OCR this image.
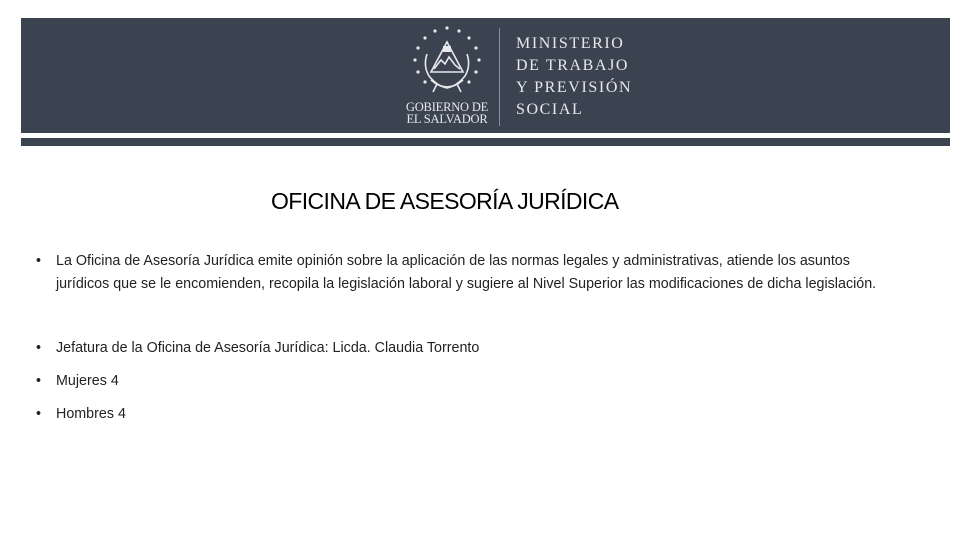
GOBIERNO DE
EL SALVADOR
MINISTERIO
DE TRABAJO
Y PREVISIÓN
SOCIAL
OFICINA DE ASESORÍA JURÍDICA
• La Oficina de Asesoría Jurídica emite opinión sobre la aplicación de las normas legales y administrativas, atiende los asuntos jurídicos que se le encomienden, recopila la legislación laboral y sugiere al Nivel Superior las modificaciones de dicha legislación.
• Jefatura de la Oficina de Asesoría Jurídica: Licda. Claudia Torrento
• Mujeres 4
• Hombres 4
